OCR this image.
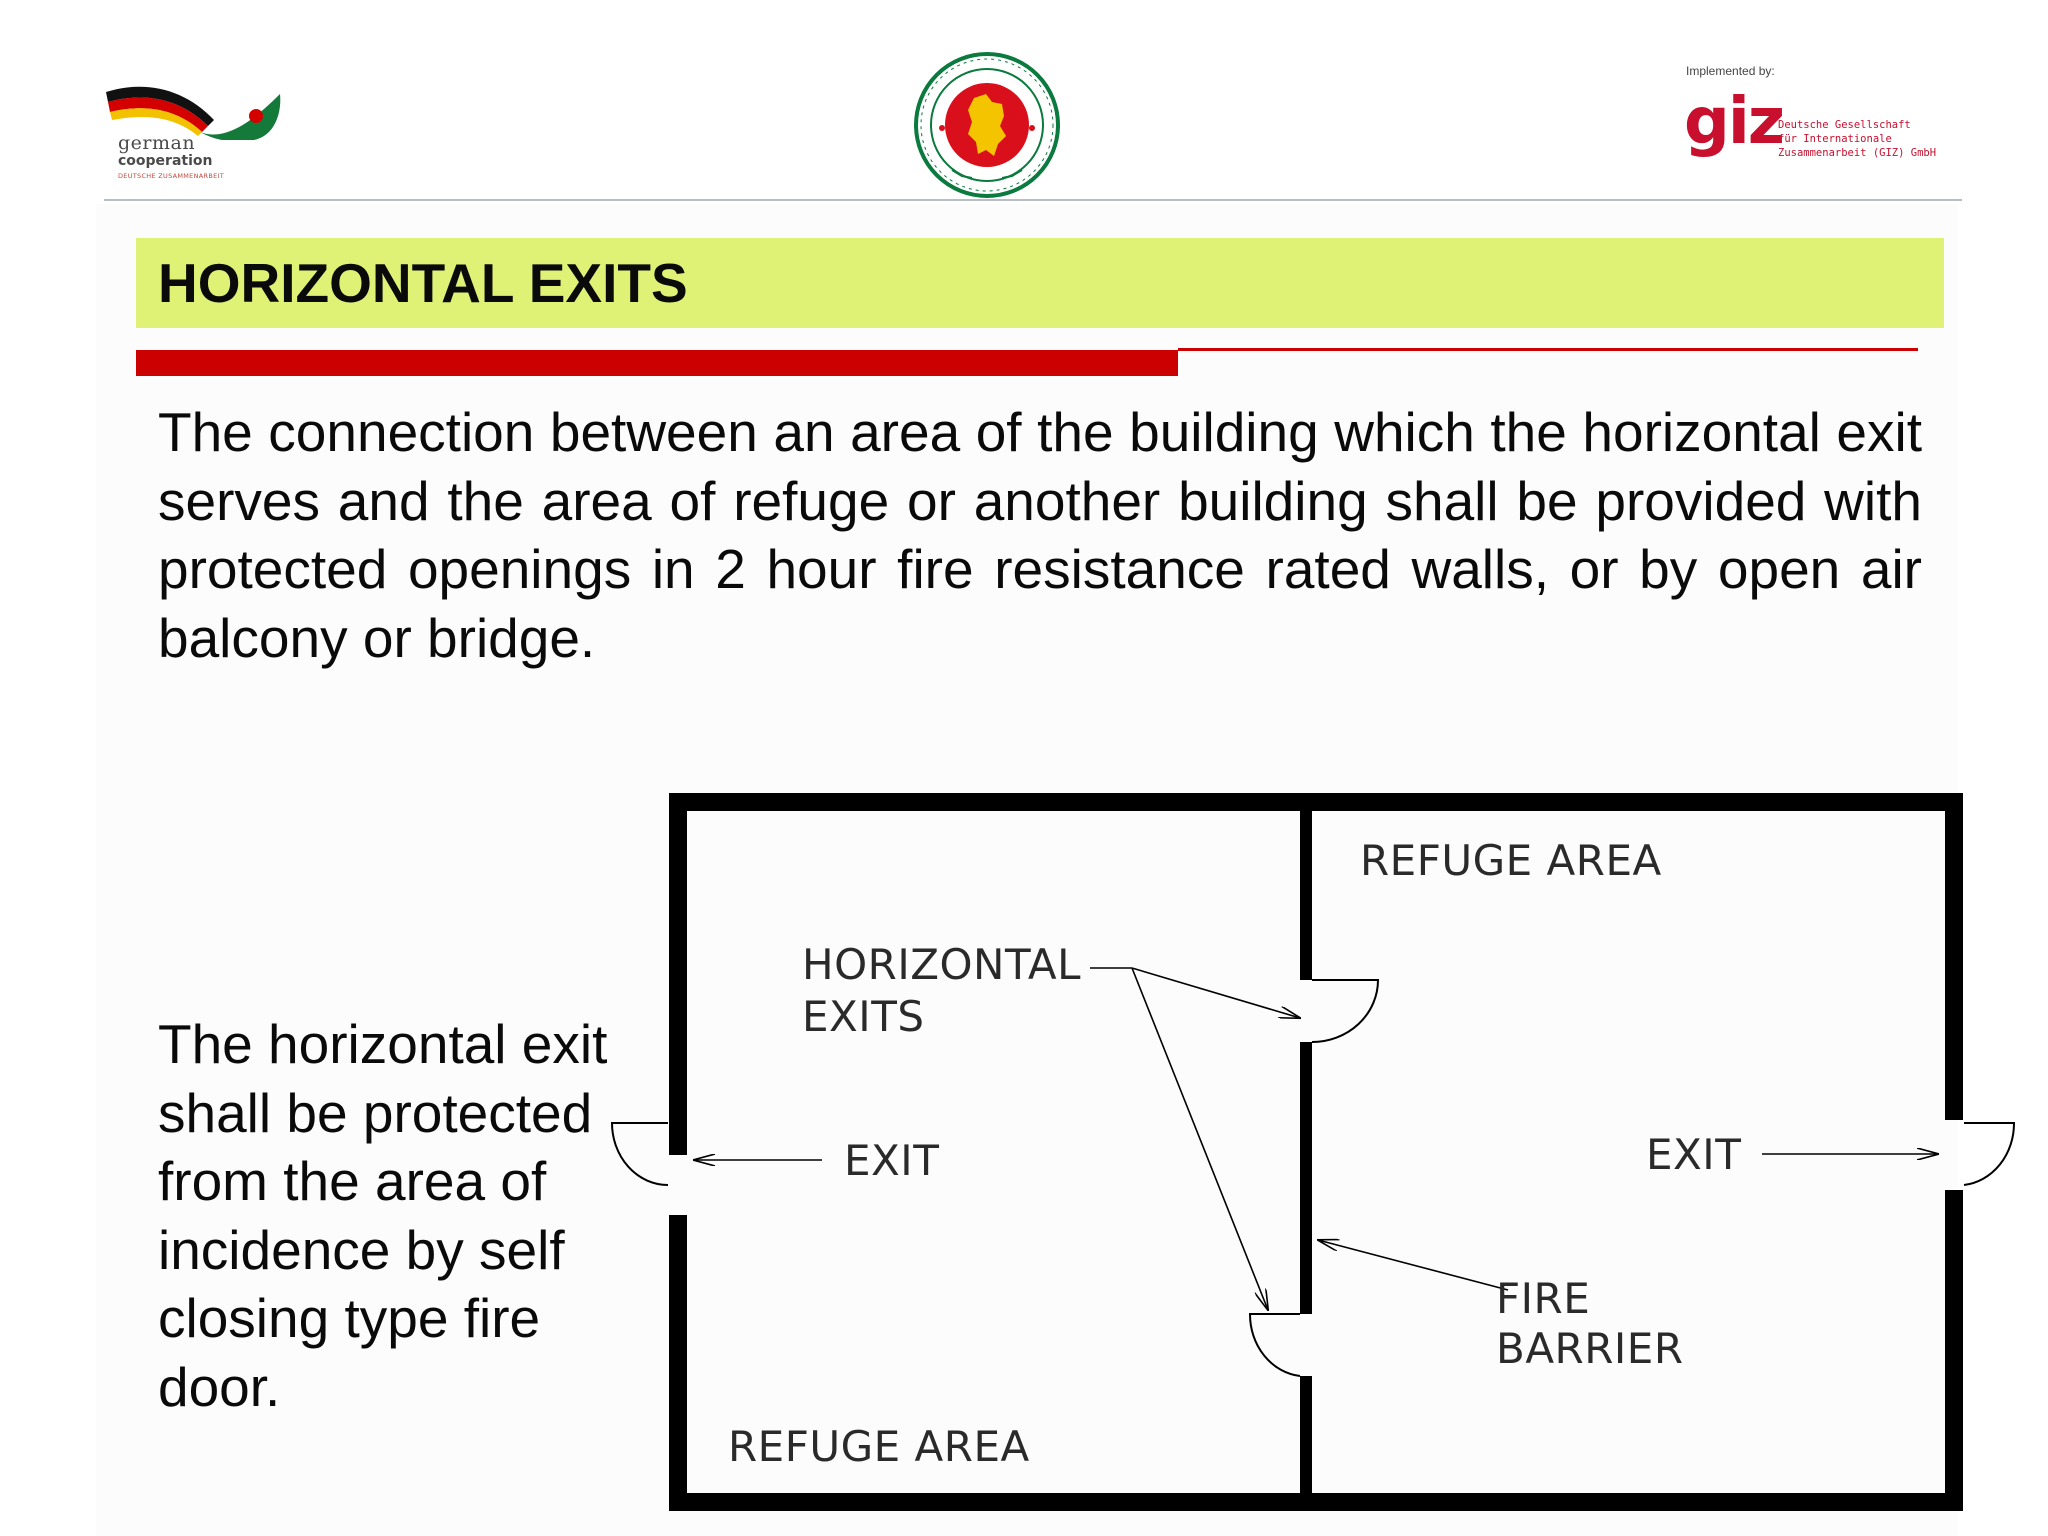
german
cooperation
DEUTSCHE ZUSAMMENARBEIT
Implemented by:
giz
Deutsche Gesellschaft
für Internationale
Zusammenarbeit (GIZ) GmbH
HORIZONTAL EXITS
The connection between an area of the building which the horizontal exit serves and the area of refuge or another building shall be provided with protected openings in 2 hour fire resistance rated walls, or by open air balcony or bridge.
The horizontal exit shall be protected from the area of incidence by self closing type fire door.
REFUGE AREA
HORIZONTAL
EXITS
EXIT	EXIT
FIRE
BARRIER
REFUGE AREA
